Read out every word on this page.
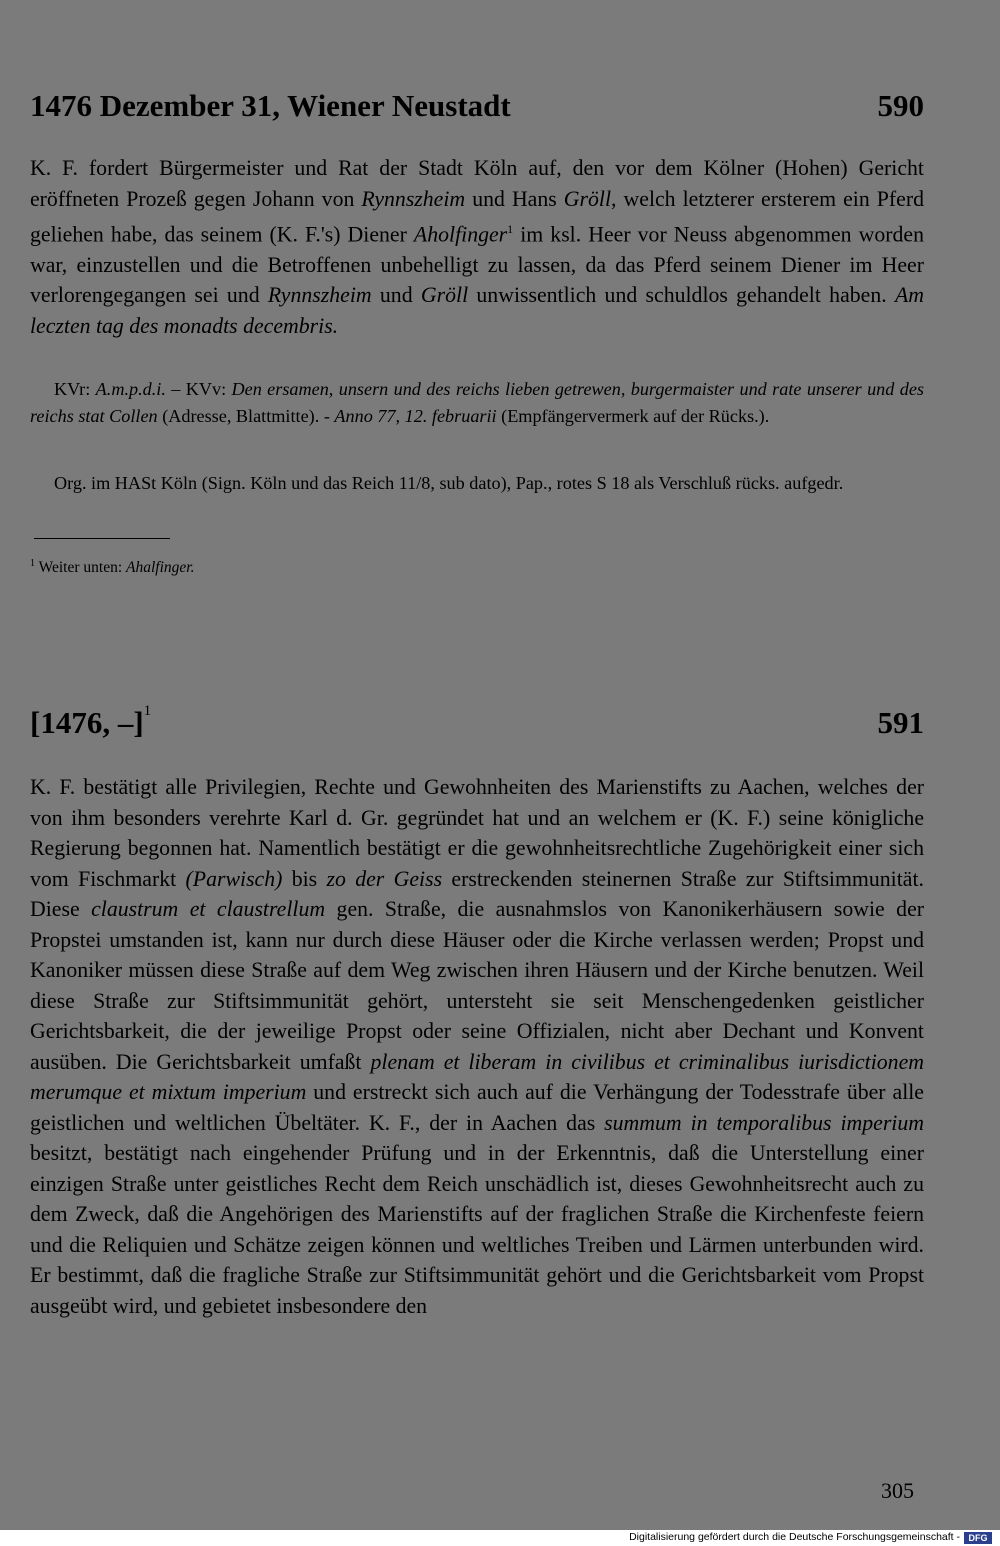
1476 Dezember 31, Wiener Neustadt	590

K. F. fordert Bürgermeister und Rat der Stadt Köln auf, den vor dem Kölner (Hohen) Gericht eröffneten Prozeß gegen Johann von Rynnszheim und Hans Gröll, welch letzterer ersterem ein Pferd geliehen habe, das seinem (K. F.'s) Diener Aholfinger$^1$ im ksl. Heer vor Neuss abgenommen worden war, einzustellen und die Betroffenen unbehelligt zu lassen, da das Pferd seinem Diener im Heer verlorengegangen sei und Rynnszheim und Gröll unwissentlich und schuldlos gehandelt haben. Am leczten tag des monadts decembris.

KVr: A.m.p.d.i. – KVv: Den ersamen, unsern und des reichs lieben getrewen, burgermaister und rate unserer und des reichs stat Collen (Adresse, Blattmitte). - Anno 77, 12. februarii (Empfängervermerk auf der Rücks.).

Org. im HASt Köln (Sign. Köln und das Reich 11/8, sub dato), Pap., rotes S 18 als Verschluß rücks. aufgedr.

$^1$ Weiter unten: Ahalfinger.
[1476, –]$^1$	591

K. F. bestätigt alle Privilegien, Rechte und Gewohnheiten des Marienstifts zu Aachen, welches der von ihm besonders verehrte Karl d. Gr. gegründet hat und an welchem er (K. F.) seine königliche Regierung begonnen hat. Namentlich bestätigt er die gewohnheitsrechtliche Zugehörigkeit einer sich vom Fischmarkt (Parwisch) bis zo der Geiss erstreckenden steinernen Straße zur Stiftsimmunität. Diese claustrum et claustrellum gen. Straße, die ausnahmslos von Kanonikerhäusern sowie der Propstei umstanden ist, kann nur durch diese Häuser oder die Kirche verlassen werden; Propst und Kanoniker müssen diese Straße auf dem Weg zwischen ihren Häusern und der Kirche benutzen. Weil diese Straße zur Stiftsimmunität gehört, untersteht sie seit Menschengedenken geistlicher Gerichtsbarkeit, die der jeweilige Propst oder seine Offizialen, nicht aber Dechant und Konvent ausüben. Die Gerichtsbarkeit umfaßt plenam et liberam in civilibus et criminalibus iurisdictionem merumque et mixtum imperium und erstreckt sich auch auf die Verhängung der Todesstrafe über alle geistlichen und weltlichen Übeltäter. K. F., der in Aachen das summum in temporalibus imperium besitzt, bestätigt nach eingehender Prüfung und in der Erkenntnis, daß die Unterstellung einer einzigen Straße unter geistliches Recht dem Reich unschädlich ist, dieses Gewohnheitsrecht auch zu dem Zweck, daß die Angehörigen des Marienstifts auf der fraglichen Straße die Kirchenfeste feiern und die Reliquien und Schätze zeigen können und weltliches Treiben und Lärmen unterbunden wird. Er bestimmt, daß die fragliche Straße zur Stiftsimmunität gehört und die Gerichtsbarkeit vom Propst ausgeübt wird, und gebietet insbesondere den

305
Digitalisierung gefördert durch die Deutsche Forschungsgemeinschaft - DFG
